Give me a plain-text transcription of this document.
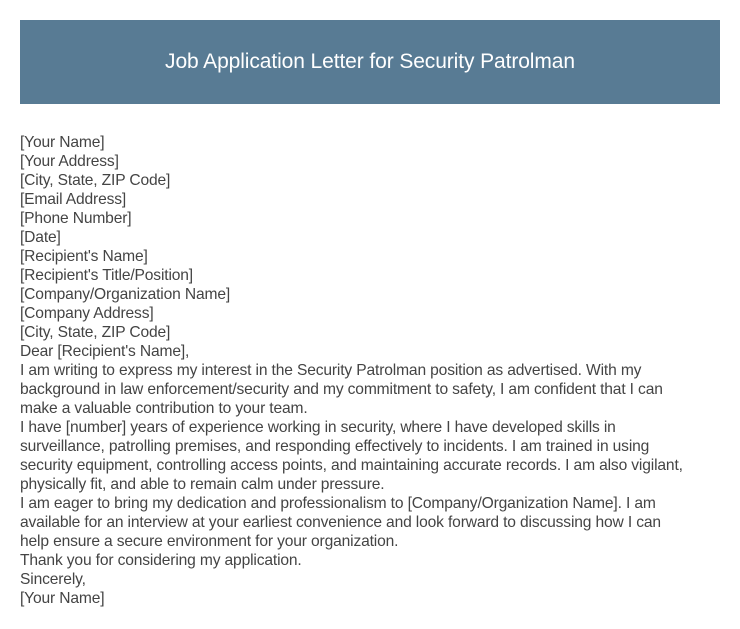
Job Application Letter for Security Patrolman
[Your Name]
[Your Address]
[City, State, ZIP Code]
[Email Address]
[Phone Number]
[Date]
[Recipient's Name]
[Recipient's Title/Position]
[Company/Organization Name]
[Company Address]
[City, State, ZIP Code]
Dear [Recipient's Name],
I am writing to express my interest in the Security Patrolman position as advertised. With my
background in law enforcement/security and my commitment to safety, I am confident that I can
make a valuable contribution to your team.
I have [number] years of experience working in security, where I have developed skills in
surveillance, patrolling premises, and responding effectively to incidents. I am trained in using
security equipment, controlling access points, and maintaining accurate records. I am also vigilant,
physically fit, and able to remain calm under pressure.
I am eager to bring my dedication and professionalism to [Company/Organization Name]. I am
available for an interview at your earliest convenience and look forward to discussing how I can
help ensure a secure environment for your organization.
Thank you for considering my application.
Sincerely,
[Your Name]
